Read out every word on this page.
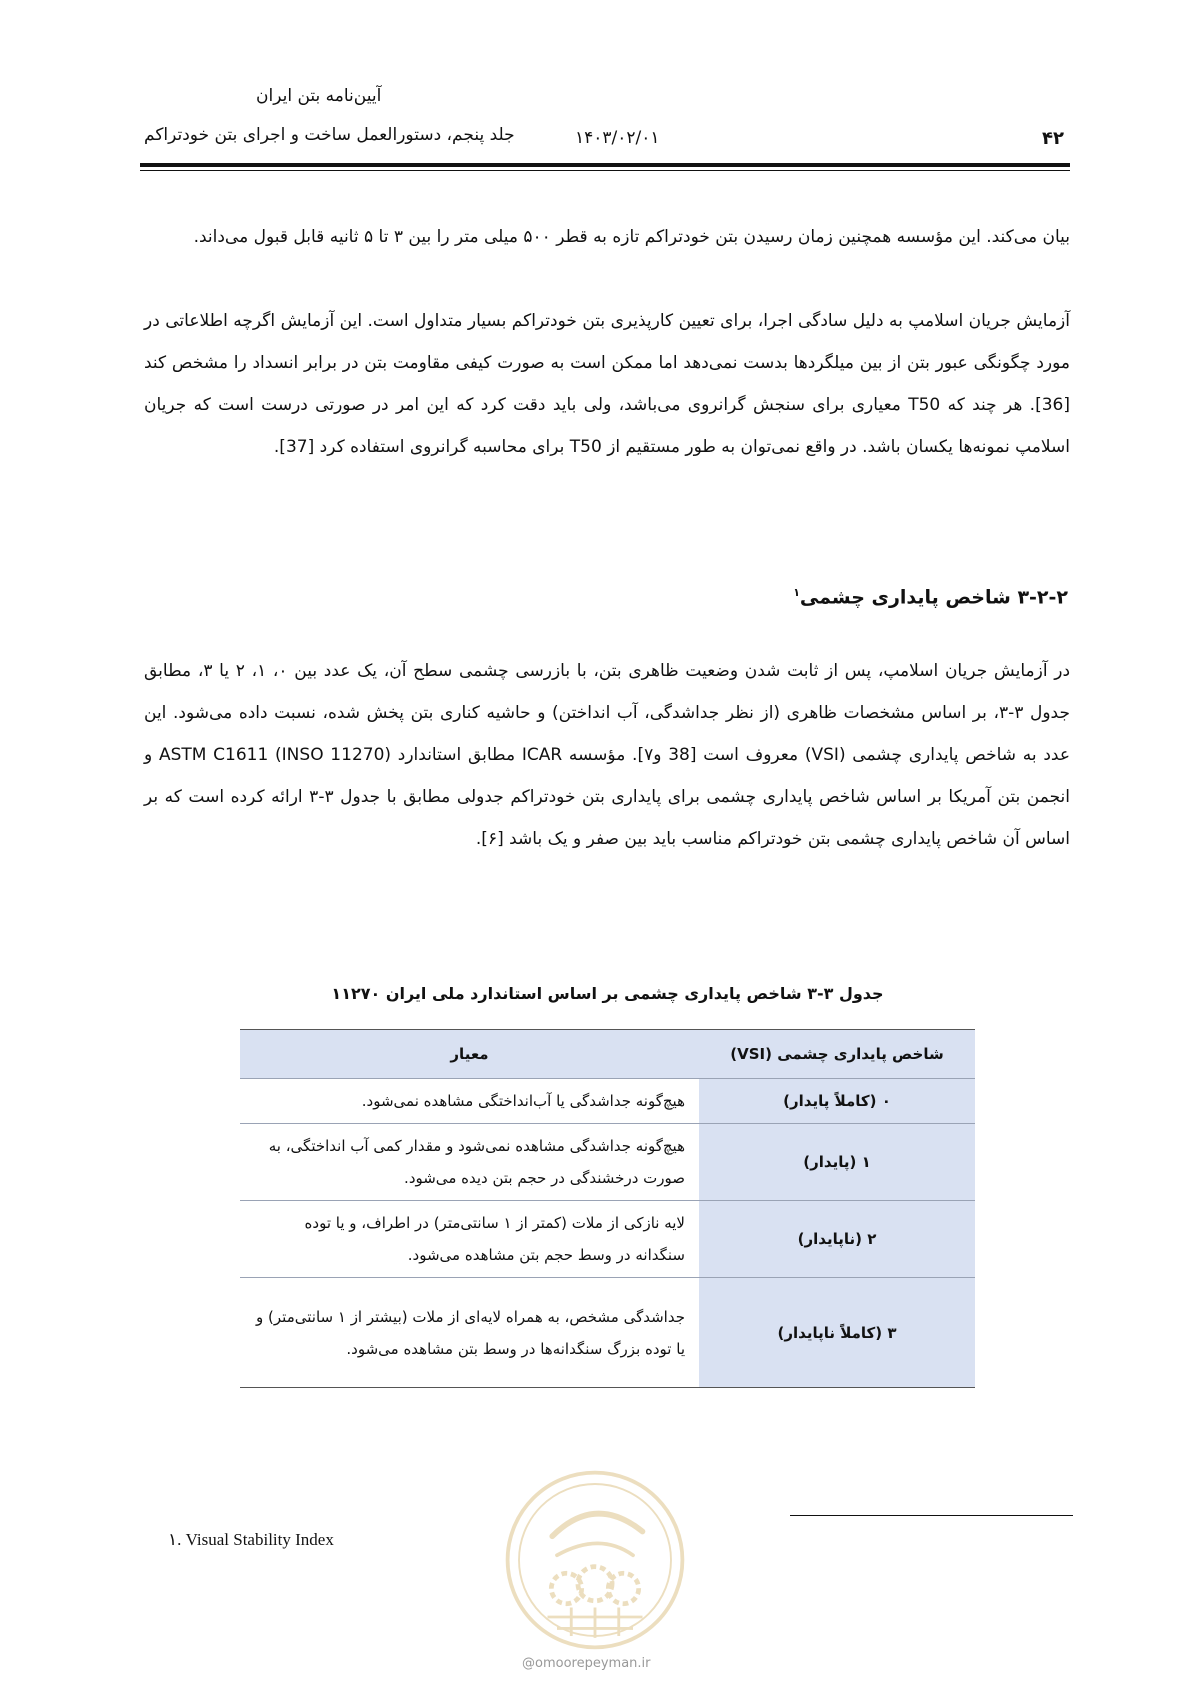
آیین‌نامه بتن ایران
جلد پنجم، دستورالعمل ساخت و اجرای بتن خودتراکم	۱۴۰۳/۰۲/۰۱	۴۲
بیان می‌کند. این مؤسسه همچنین زمان رسیدن بتن خودتراکم تازه به قطر ۵۰۰ میلی متر را بین ۳ تا ۵ ثانیه قابل قبول می‌داند.
آزمایش جریان اسلامپ به دلیل سادگی اجرا، برای تعیین کارپذیری بتن خودتراکم بسیار متداول است. این آزمایش اگرچه اطلاعاتی در مورد چگونگی عبور بتن از بین میلگردها بدست نمی‌دهد اما ممکن است به صورت کیفی مقاومت بتن در برابر انسداد را مشخص کند [36]. هر چند که T50 معیاری برای سنجش گرانروی می‌باشد، ولی باید دقت کرد که این امر در صورتی درست است که جریان اسلامپ نمونه‌ها یکسان باشد. در واقع نمی‌توان به طور مستقیم از T50 برای محاسبه گرانروی استفاده کرد [37].
۳-۲-۲ شاخص پایداری چشمی$^۱$
در آزمایش جریان اسلامپ، پس از ثابت شدن وضعیت ظاهری بتن، با بازرسی چشمی سطح آن، یک عدد بین ۰، ۱، ۲ یا ۳، مطابق جدول ۳-۳، بر اساس مشخصات ظاهری (از نظر جداشدگی، آب انداختن) و حاشیه کناری بتن پخش شده، نسبت داده می‌شود. این عدد به شاخص پایداری چشمی (VSI) معروف است [38 و۷]. مؤسسه ICAR مطابق استاندارد ASTM C1611 (INSO 11270) و انجمن بتن آمریکا بر اساس شاخص پایداری چشمی برای پایداری بتن خودتراکم جدولی مطابق با جدول ۳-۳ ارائه کرده است که بر اساس آن شاخص پایداری چشمی بتن خودتراکم مناسب باید بین صفر و یک باشد [۶].
جدول ۳-۳ شاخص پایداری چشمی بر اساس استاندارد ملی ایران ۱۱۲۷۰
شاخص پایداری چشمی (VSI)	معیار
۰ (کاملاً پایدار)	هیچ‌گونه جداشدگی یا آب‌انداختگی مشاهده نمی‌شود.
۱ (پایدار)	هیچ‌گونه جداشدگی مشاهده نمی‌شود و مقدار کمی آب انداختگی، به صورت درخشندگی در حجم بتن دیده می‌شود.
۲ (ناپایدار)	لایه نازکی از ملات (کمتر از ۱ سانتی‌متر) در اطراف، و یا توده سنگدانه در وسط حجم بتن مشاهده می‌شود.
۳ (کاملاً ناپایدار)	جداشدگی مشخص، به همراه لایه‌ای از ملات (بیشتر از ۱ سانتی‌متر) و یا توده بزرگ سنگدانه‌ها در وسط بتن مشاهده می‌شود.
۱. Visual Stability Index
@omoorepeyman.ir
